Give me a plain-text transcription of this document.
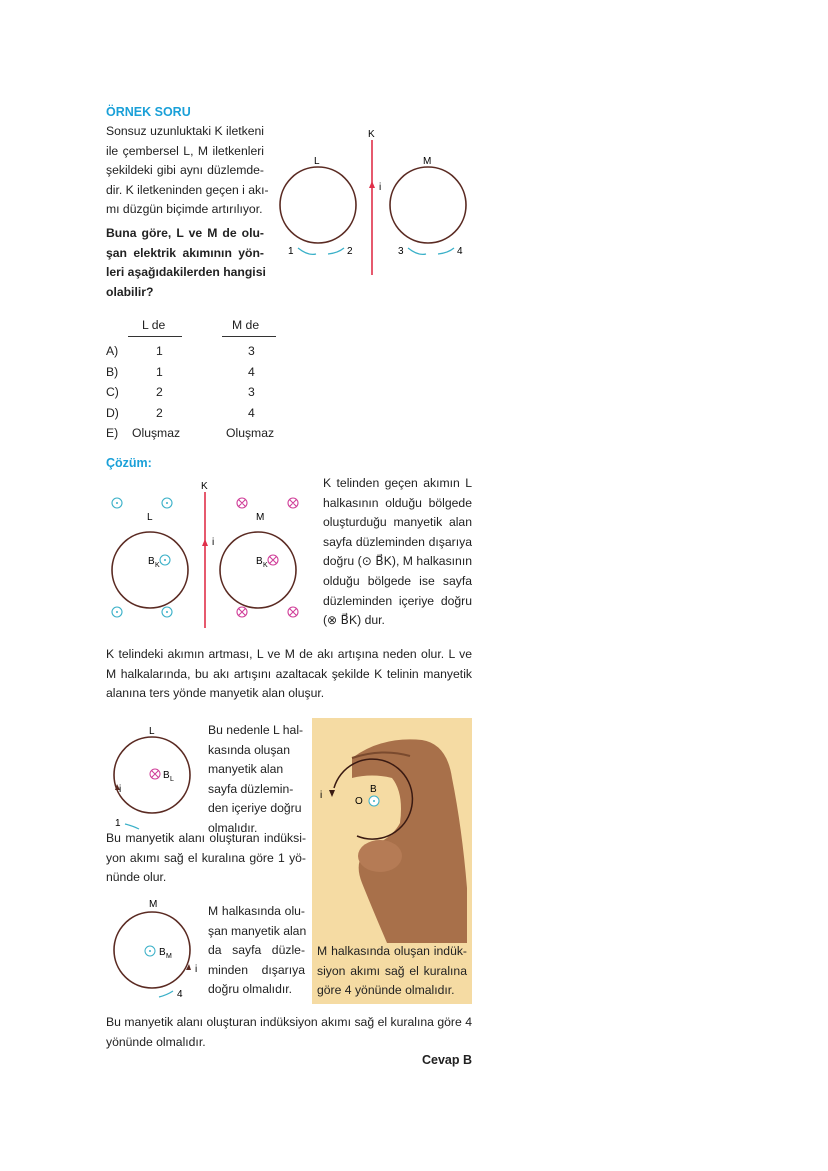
ÖRNEK SORU
Sonsuz uzunluktaki K iletkeni
ile çembersel L, M iletkenleri
şekildeki gibi aynı düzlemde-
dir. K iletkeninden geçen i akı-
mı düzgün biçimde artırılıyor.
Buna göre, L ve M de olu-
şan elektrik akımının yön-
leri aşağıdakilerden hangisi
olabilir?
K
i
L	M
1	2	3	4
L de	M de
A)	1	3
B)	1	4
C)	2	3
D)	2	4
E) Oluşmaz	Oluşmaz
Çözüm:
K
i
L	M
B K	B K
K telinden geçen akımın L
halkasının olduğu bölgede
oluşturduğu manyetik alan
sayfa düzleminden dışarıya
doğru (⊙ B⃗K), M halkasının
olduğu bölgede ise sayfa
düzleminden içeriye doğru
(⊗ B⃗K) dur.
K telindeki akımın artması, L ve M de akı artışına neden olur. L ve
M halkalarında, bu akı artışını azaltacak şekilde K telinin manyetik
alanına ters yönde manyetik alan oluşur.
L
i
1
B L
Bu nedenle L hal-
kasında oluşan
manyetik alan
sayfa düzlemin-
den içeriye doğru
olmalıdır.
Bu manyetik alanı oluşturan indüksi-
yon akımı sağ el kuralına göre 1 yö-
nünde olur.
M
i
4
B M
M halkasında olu-
şan manyetik alan
da sayfa düzle-
minden dışarıya
doğru olmalıdır.
i
O
B
M halkasında oluşan indük-
siyon akımı sağ el kuralına
göre 4 yönünde olmalıdır.
Bu manyetik alanı oluşturan indüksiyon akımı sağ el kuralına göre 4
yönünde olmalıdır.
Cevap B
